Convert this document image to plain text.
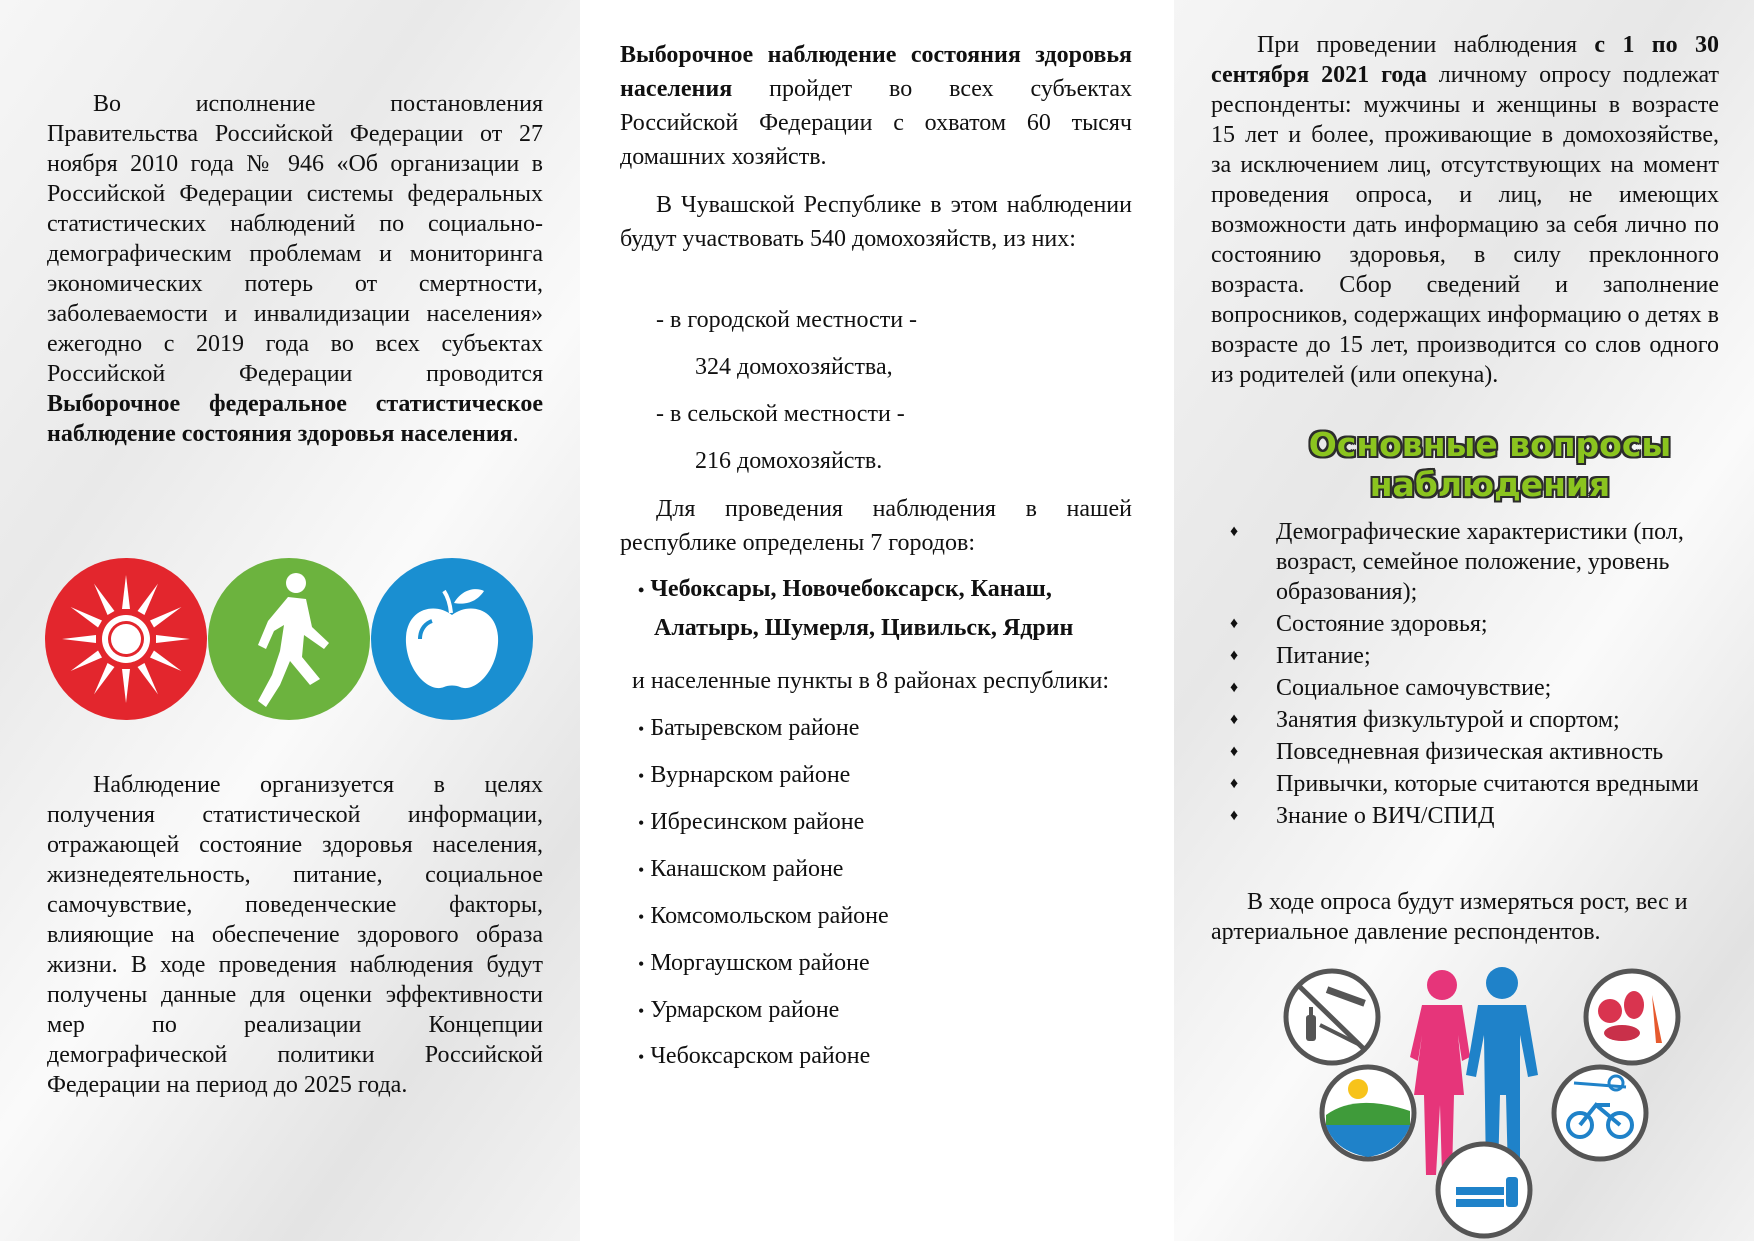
Во исполнение постановления Правительства Российской Федерации от 27 ноября 2010 года № 946 «Об организации в Российской Федерации системы федеральных статистических наблюдений по социально-демографическим проблемам и мониторинга экономических потерь от смертности, заболеваемости и инвалидизации населения» ежегодно с 2019 года во всех субъектах Российской Федерации проводится Выборочное федеральное статистическое наблюдение состояния здоровья населения.

Наблюдение организуется в целях получения статистической информации, отражающей состояние здоровья населения, жизнедеятельность, питание, социальное самочувствие, поведенческие факторы, влияющие на обеспечение здорового образа жизни. В ходе проведения наблюдения будут получены данные для оценки эффективности мер по реализации Концепции демографической политики Российской Федерации на период до 2025 года.

Выборочное наблюдение состояния здоровья населения пройдет во всех субъектах Российской Федерации с охватом 60 тысяч домашних хозяйств.

В Чувашской Республике в этом наблюдении будут участвовать 540 домохозяйств, из них:

- в городской местности -
324 домохозяйства,
- в сельской местности -
216 домохозяйств.

Для проведения наблюдения в нашей республике определены 7 городов:

• Чебоксары, Новочебоксарск, Канаш,
Алатырь, Шумерля, Цивильск, Ядрин
и населенные пункты в 8 районах республики:
• Батыревском районе
• Вурнарском районе
• Ибресинском районе
• Канашском районе
• Комсомольском районе
• Моргаушском районе
• Урмарском районе
• Чебоксарском районе

При проведении наблюдения с 1 по 30 сентября 2021 года личному опросу подлежат респонденты: мужчины и женщины в возрасте 15 лет и более, проживающие в домохозяйстве, за исключением лиц, отсутствующих на момент проведения опроса, и лиц, не имеющих возможности дать информацию за себя лично по состоянию здоровья, в силу преклонного возраста. Сбор сведений и заполнение вопросников, содержащих информацию о детях в возрасте до 15 лет, производится со слов одного из родителей (или опекуна).

Основные вопросы
наблюдения
♦ Демографические характеристики (пол, возраст, семейное положение, уровень образования);
♦ Состояние здоровья;
♦ Питание;
♦ Социальное самочувствие;
♦ Занятия физкультурой и спортом;
♦ Повседневная физическая активность
♦ Привычки, которые считаются вредными
♦ Знание о ВИЧ/СПИД

В ходе опроса будут измеряться рост, вес и артериальное давление респондентов.
